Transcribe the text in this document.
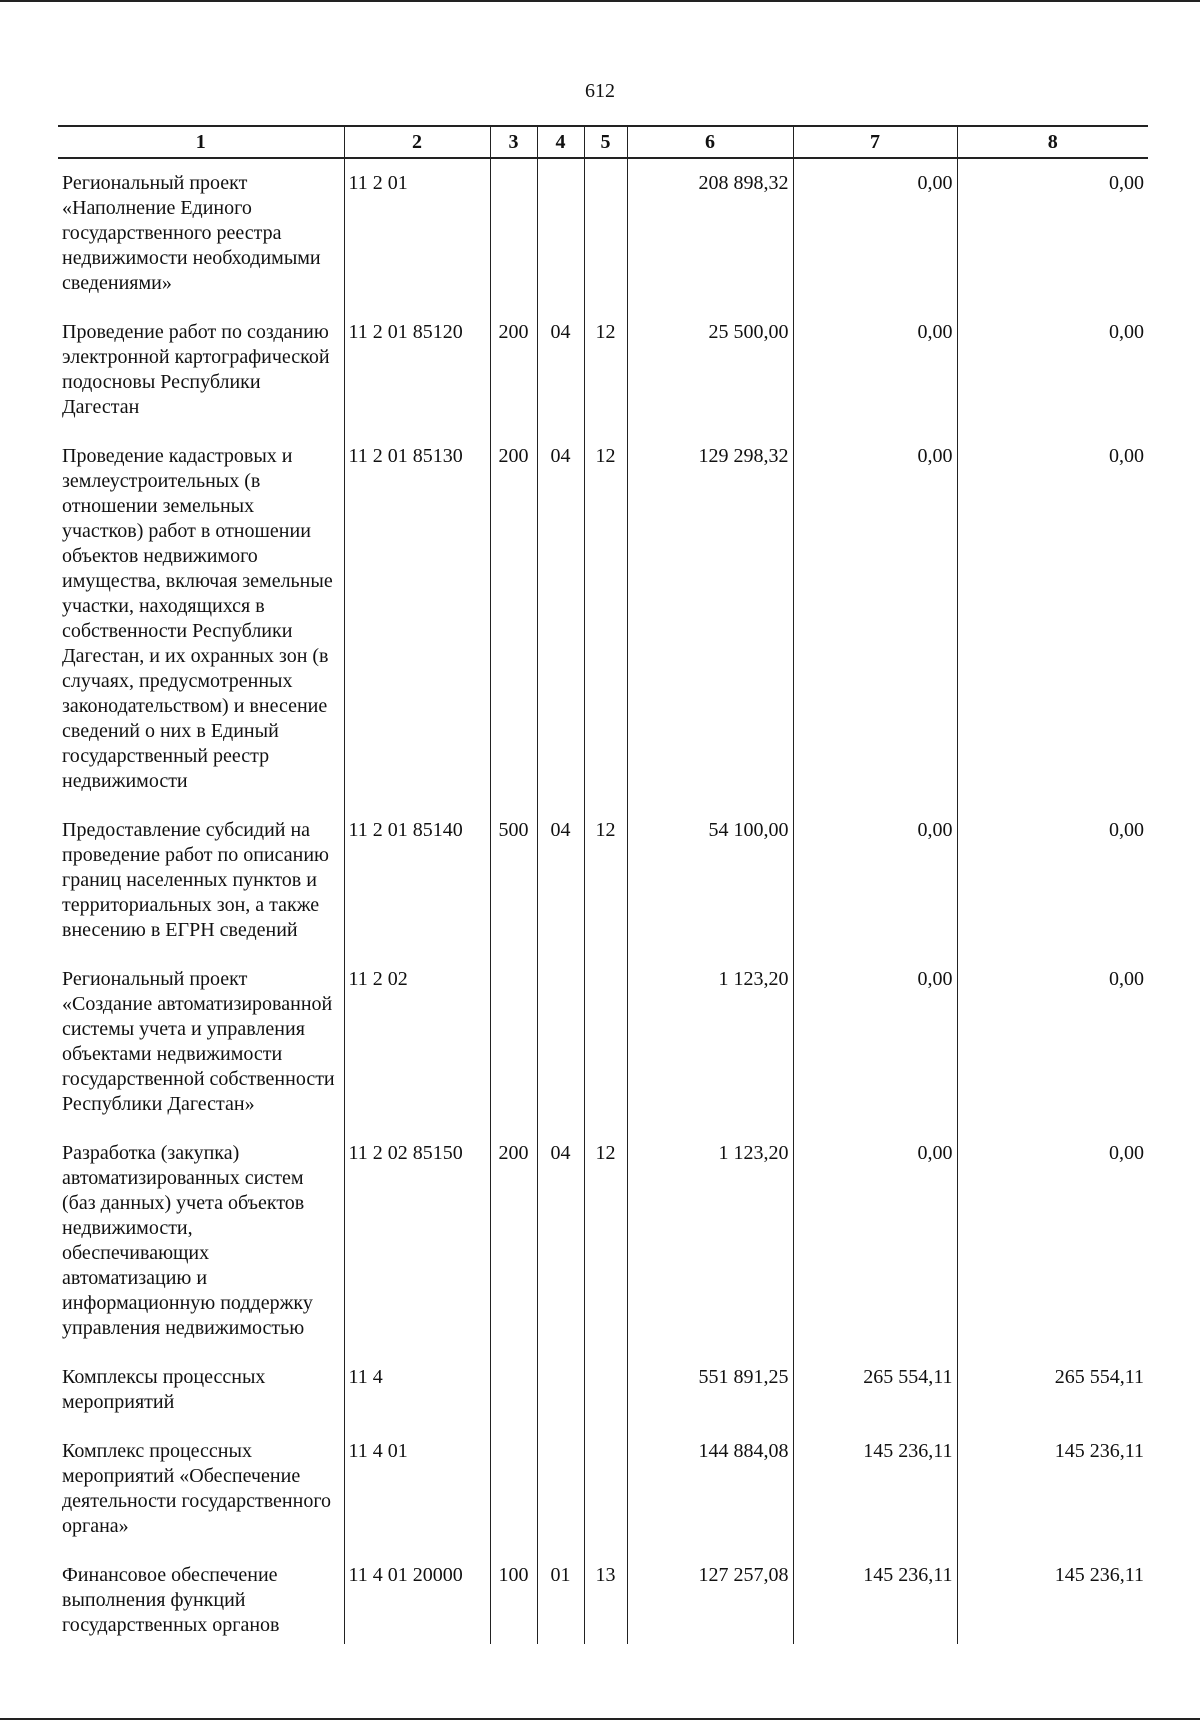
612
1	2	3	4	5	6	7	8
Региональный проект «Наполнение Единого государственного реестра недвижимости необходимыми сведениями»	11 2 01				208 898,32	0,00	0,00
Проведение работ по созданию электронной картографической подосновы Республики Дагестан	11 2 01 85120	200	04	12	25 500,00	0,00	0,00
Проведение кадастровых и землеустроительных (в отношении земельных участков) работ в отношении объектов недвижимого имущества, включая земельные участки, находящихся в собственности Республики Дагестан, и их охранных зон (в случаях, предусмотренных законодательством) и внесение сведений о них в Единый государственный реестр недвижимости	11 2 01 85130	200	04	12	129 298,32	0,00	0,00
Предоставление субсидий на проведение работ по описанию границ населенных пунктов и территориальных зон, а также внесению в ЕГРН сведений	11 2 01 85140	500	04	12	54 100,00	0,00	0,00
Региональный проект «Создание автоматизированной системы учета и управления объектами недвижимости государственной собственности Республики Дагестан»	11 2 02				1 123,20	0,00	0,00
Разработка (закупка) автоматизированных систем (баз данных) учета объектов недвижимости, обеспечивающих автоматизацию и информационную поддержку управления недвижимостью	11 2 02 85150	200	04	12	1 123,20	0,00	0,00
Комплексы процессных мероприятий	11 4				551 891,25	265 554,11	265 554,11
Комплекс процессных мероприятий «Обеспечение деятельности государственного органа»	11 4 01				144 884,08	145 236,11	145 236,11
Финансовое обеспечение выполнения функций государственных органов	11 4 01 20000	100	01	13	127 257,08	145 236,11	145 236,11
